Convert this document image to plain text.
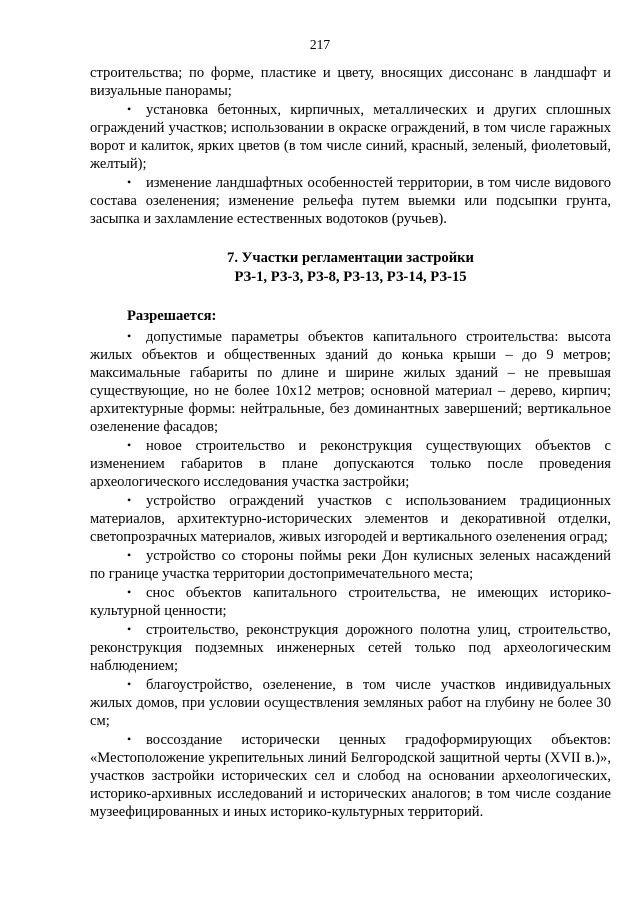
217

строительства; по форме, пластике и цвету, вносящих диссонанс в ландшафт и визуальные панорамы;

• установка бетонных, кирпичных, металлических и других сплошных ограждений участков; использовании в окраске ограждений, в том числе гаражных ворот и калиток, ярких цветов (в том числе синий, красный, зеленый, фиолетовый, желтый);

• изменение ландшафтных особенностей территории, в том числе видового состава озеленения; изменение рельефа путем выемки или подсыпки грунта, засыпка и захламление естественных водотоков (ручьев).

7. Участки регламентации застройки
РЗ-1, РЗ-3, РЗ-8, РЗ-13, РЗ-14, РЗ-15

Разрешается:

• допустимые параметры объектов капитального строительства: высота жилых объектов и общественных зданий до конька крыши – до 9 метров; максимальные габариты по длине и ширине жилых зданий – не превышая существующие, но не более 10х12 метров; основной материал – дерево, кирпич; архитектурные формы: нейтральные, без доминантных завершений; вертикальное озеленение фасадов;

• новое строительство и реконструкция существующих объектов с изменением габаритов в плане допускаются только после проведения археологического исследования участка застройки;

• устройство ограждений участков с использованием традиционных материалов, архитектурно-исторических элементов и декоративной отделки, светопрозрачных материалов, живых изгородей и вертикального озеленения оград;

• устройство со стороны поймы реки Дон кулисных зеленых насаждений по границе участка территории достопримечательного места;

• снос объектов капитального строительства, не имеющих историко-культурной ценности;

• строительство, реконструкция дорожного полотна улиц, строительство, реконструкция подземных инженерных сетей только под археологическим наблюдением;

• благоустройство, озеленение, в том числе участков индивидуальных жилых домов, при условии осуществления земляных работ на глубину не более 30 см;

• воссоздание исторически ценных градоформирующих объектов: «Местоположение укрепительных линий Белгородской защитной черты (XVII в.)», участков застройки исторических сел и слобод на основании археологических, историко-архивных исследований и исторических аналогов; в том числе создание музеефицированных и иных историко-культурных территорий.
